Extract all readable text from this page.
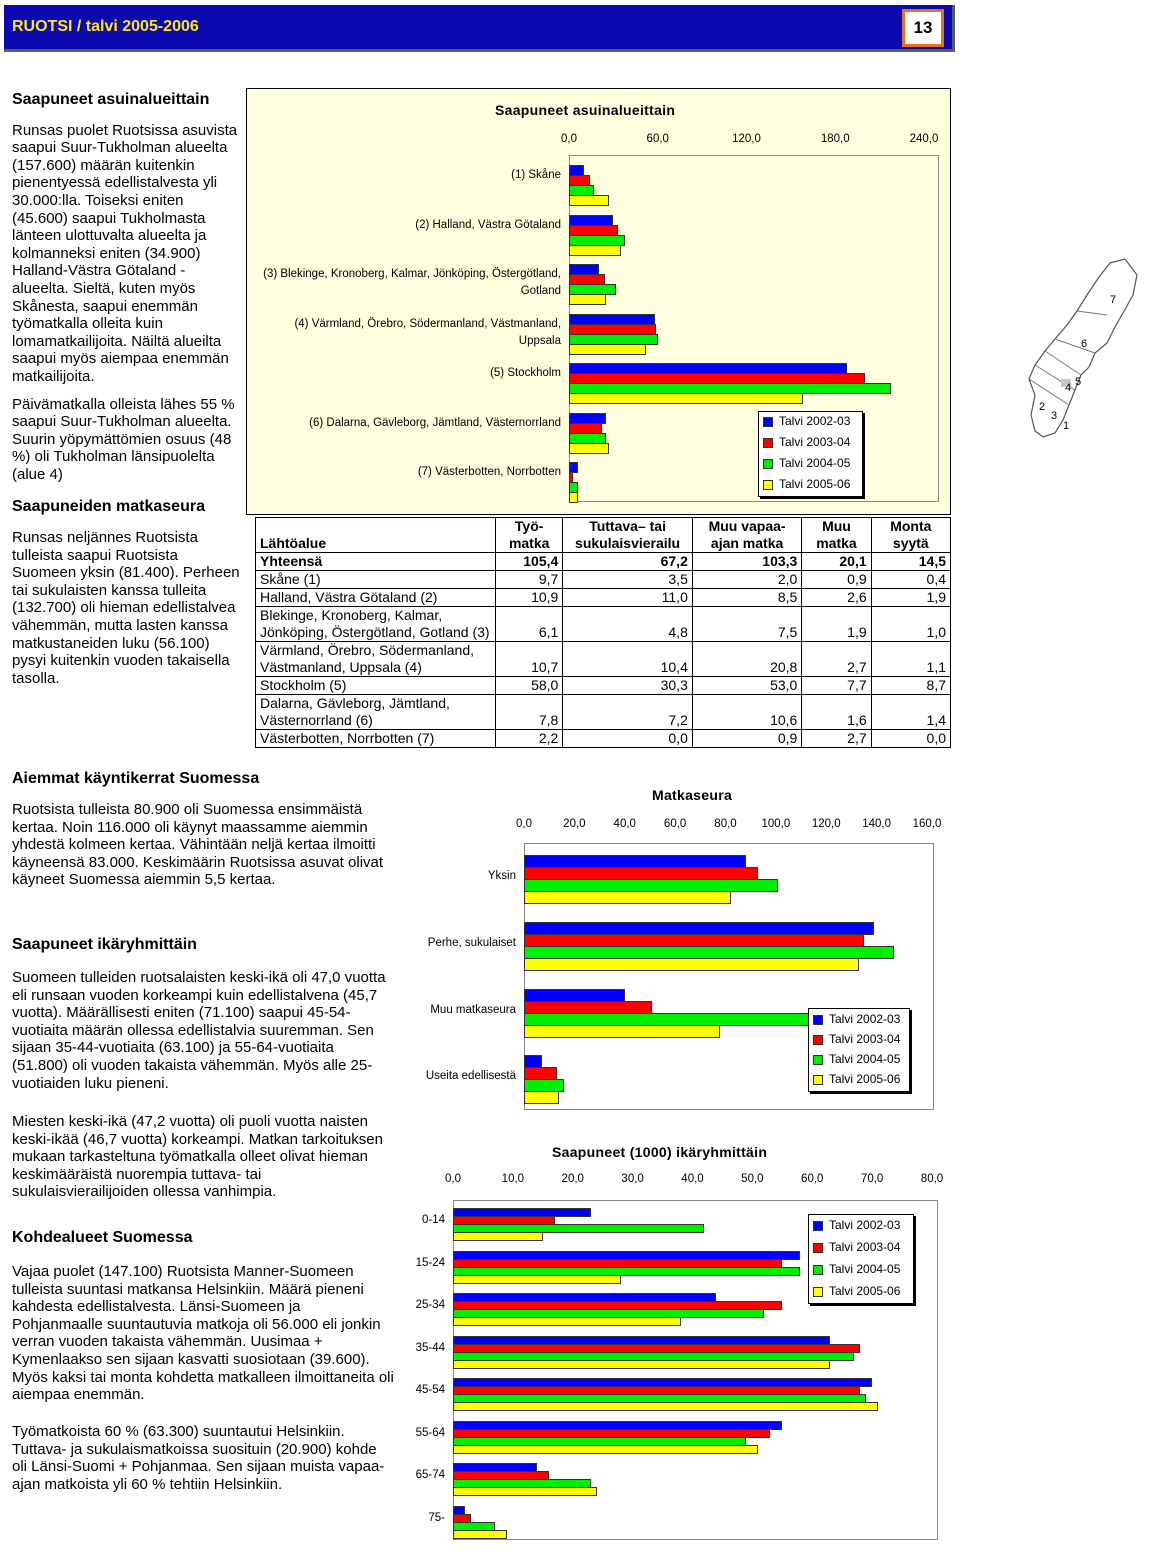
RUOTSI / talvi 2005-2006	13
Saapuneet asuinalueittain

Runsas puolet Ruotsissa asuvista saapui Suur-Tukholman alueelta (157.600) määrän kuitenkin pienentyessä edellistalvesta yli 30.000:lla. Toiseksi eniten (45.600) saapui Tukholmasta länteen ulottuvalta alueelta ja kolmanneksi eniten (34.900) Halland-Västra Götaland - alueelta. Sieltä, kuten myös Skånesta, saapui enemmän työmatkalla olleita kuin lomamatkailijoita. Näiltä alueilta saapui myös aiempaa enemmän matkailijoita.

Päivämatkalla olleista lähes 55 % saapui Suur-Tukholman alueelta. Suurin yöpymättömien osuus (48 %) oli Tukholman länsipuolelta (alue 4)

Saapuneiden matkaseura

Runsas neljännes Ruotsista tulleista saapui Ruotsista Suomeen yksin (81.400). Perheen tai sukulaisten kanssa tulleita (132.700) oli hieman edellistalvea vähemmän, mutta lasten kanssa matkustaneiden luku (56.100) pysyi kuitenkin vuoden takaisella tasolla.

Aiemmat käyntikerrat Suomessa
Ruotsista tulleista 80.900 oli Suomessa ensimmäistä kertaa. Noin 116.000 oli käynyt maassamme aiemmin yhdestä kolmeen kertaa. Vähintään neljä kertaa ilmoitti käyneensä 83.000. Keskimäärin Ruotsissa asuvat olivat käyneet Suomessa aiemmin 5,5 kertaa.
Saapuneet ikäryhmittäin
Suomeen tulleiden ruotsalaisten keski-ikä oli 47,0 vuotta eli runsaan vuoden korkeampi kuin edellistalvena (45,7 vuotta). Määrällisesti eniten (71.100) saapui 45-54-vuotiaita määrän ollessa edellistalvia suuremman. Sen sijaan 35-44-vuotiaita (63.100) ja 55-64-vuotiaita (51.800) oli vuoden takaista vähemmän. Myös alle 25-vuotiaiden luku pieneni.
Miesten keski-ikä (47,2 vuotta) oli puoli vuotta naisten keski-ikää (46,7 vuotta) korkeampi. Matkan tarkoituksen mukaan tarkasteltuna työmatkalla olleet olivat hieman keskimääräistä nuorempia tuttava- tai sukulaisvierailijoiden ollessa vanhimpia.
Kohdealueet Suomessa
Vajaa puolet (147.100) Ruotsista Manner-Suomeen tulleista suuntasi matkansa Helsinkiin. Määrä pieneni kahdesta edellistalvesta. Länsi-Suomeen ja Pohjanmaalle suuntautuvia matkoja oli 56.000 eli jonkin verran vuoden takaista vähemmän. Uusimaa + Kymenlaakso sen sijaan kasvatti suosiotaan (39.600). Myös kaksi tai monta kohdetta matkalleen ilmoittaneita oli aiempaa enemmän.
Työmatkoista 60 % (63.300) suuntautui Helsinkiin. Tuttava- ja sukulaismatkoissa suosituin (20.900) kohde oli Länsi-Suomi + Pohjanmaa. Sen sijaan muista vapaa-ajan matkoista yli 60 % tehtiin Helsinkiin.
Saapuneet asuinalueittain
0,0	60,0	120,0	180,0	240,0
(1) Skåne
(2) Halland, Västra Götaland
(3) Blekinge, Kronoberg, Kalmar, Jönköping, Östergötland, Gotland
(4) Värmland, Örebro, Södermanland, Västmanland, Uppsala
(5) Stockholm
(6) Dalarna, Gävleborg, Jämtland, Västernorrland
(7) Västerbotten, Norrbotten
7
6
4 5
2
3
1
Talvi 2002-03
Talvi 2003-04
Talvi 2004-05
Talvi 2005-06
Lähtöalue	Työ-matka	Tuttava– tai sukulaisvierailu	Muu vapaa-ajan matka	Muu matka	Monta syytä
Yhteensä	105,4	67,2	103,3	20,1	14,5
Skåne (1)	9,7	3,5	2,0	0,9	0,4
Halland, Västra Götaland (2)	10,9	11,0	8,5	2,6	1,9
Blekinge, Kronoberg, Kalmar, Jönköping, Östergötland, Gotland (3)	6,1	4,8	7,5	1,9	1,0
Värmland, Örebro, Södermanland, Västmanland, Uppsala (4)	10,7	10,4	20,8	2,7	1,1
Stockholm (5)	58,0	30,3	53,0	7,7	8,7
Dalarna, Gävleborg, Jämtland, Västernorrland (6)	7,8	7,2	10,6	1,6	1,4
Västerbotten, Norrbotten (7)	2,2	0,0	0,9	2,7	0,0
Matkaseura
0,0	20,0 40,0 60,0 80,0 100,0 120,0 140,0 160,0
Yksin
Perhe, sukulaiset
Muu matkaseura
Useita edellisestä
Talvi 2002-03
Talvi 2003-04
Talvi 2004-05
Talvi 2005-06
Saapuneet (1000) ikäryhmittäin
0,0	10,0	20,0	30,0	40,0	50,0	60,0	70,0	80,0
0-14
15-24
25-34
35-44
45-54
55-64
65-74
75-
Talvi 2002-03
Talvi 2003-04
Talvi 2004-05
Talvi 2005-06
